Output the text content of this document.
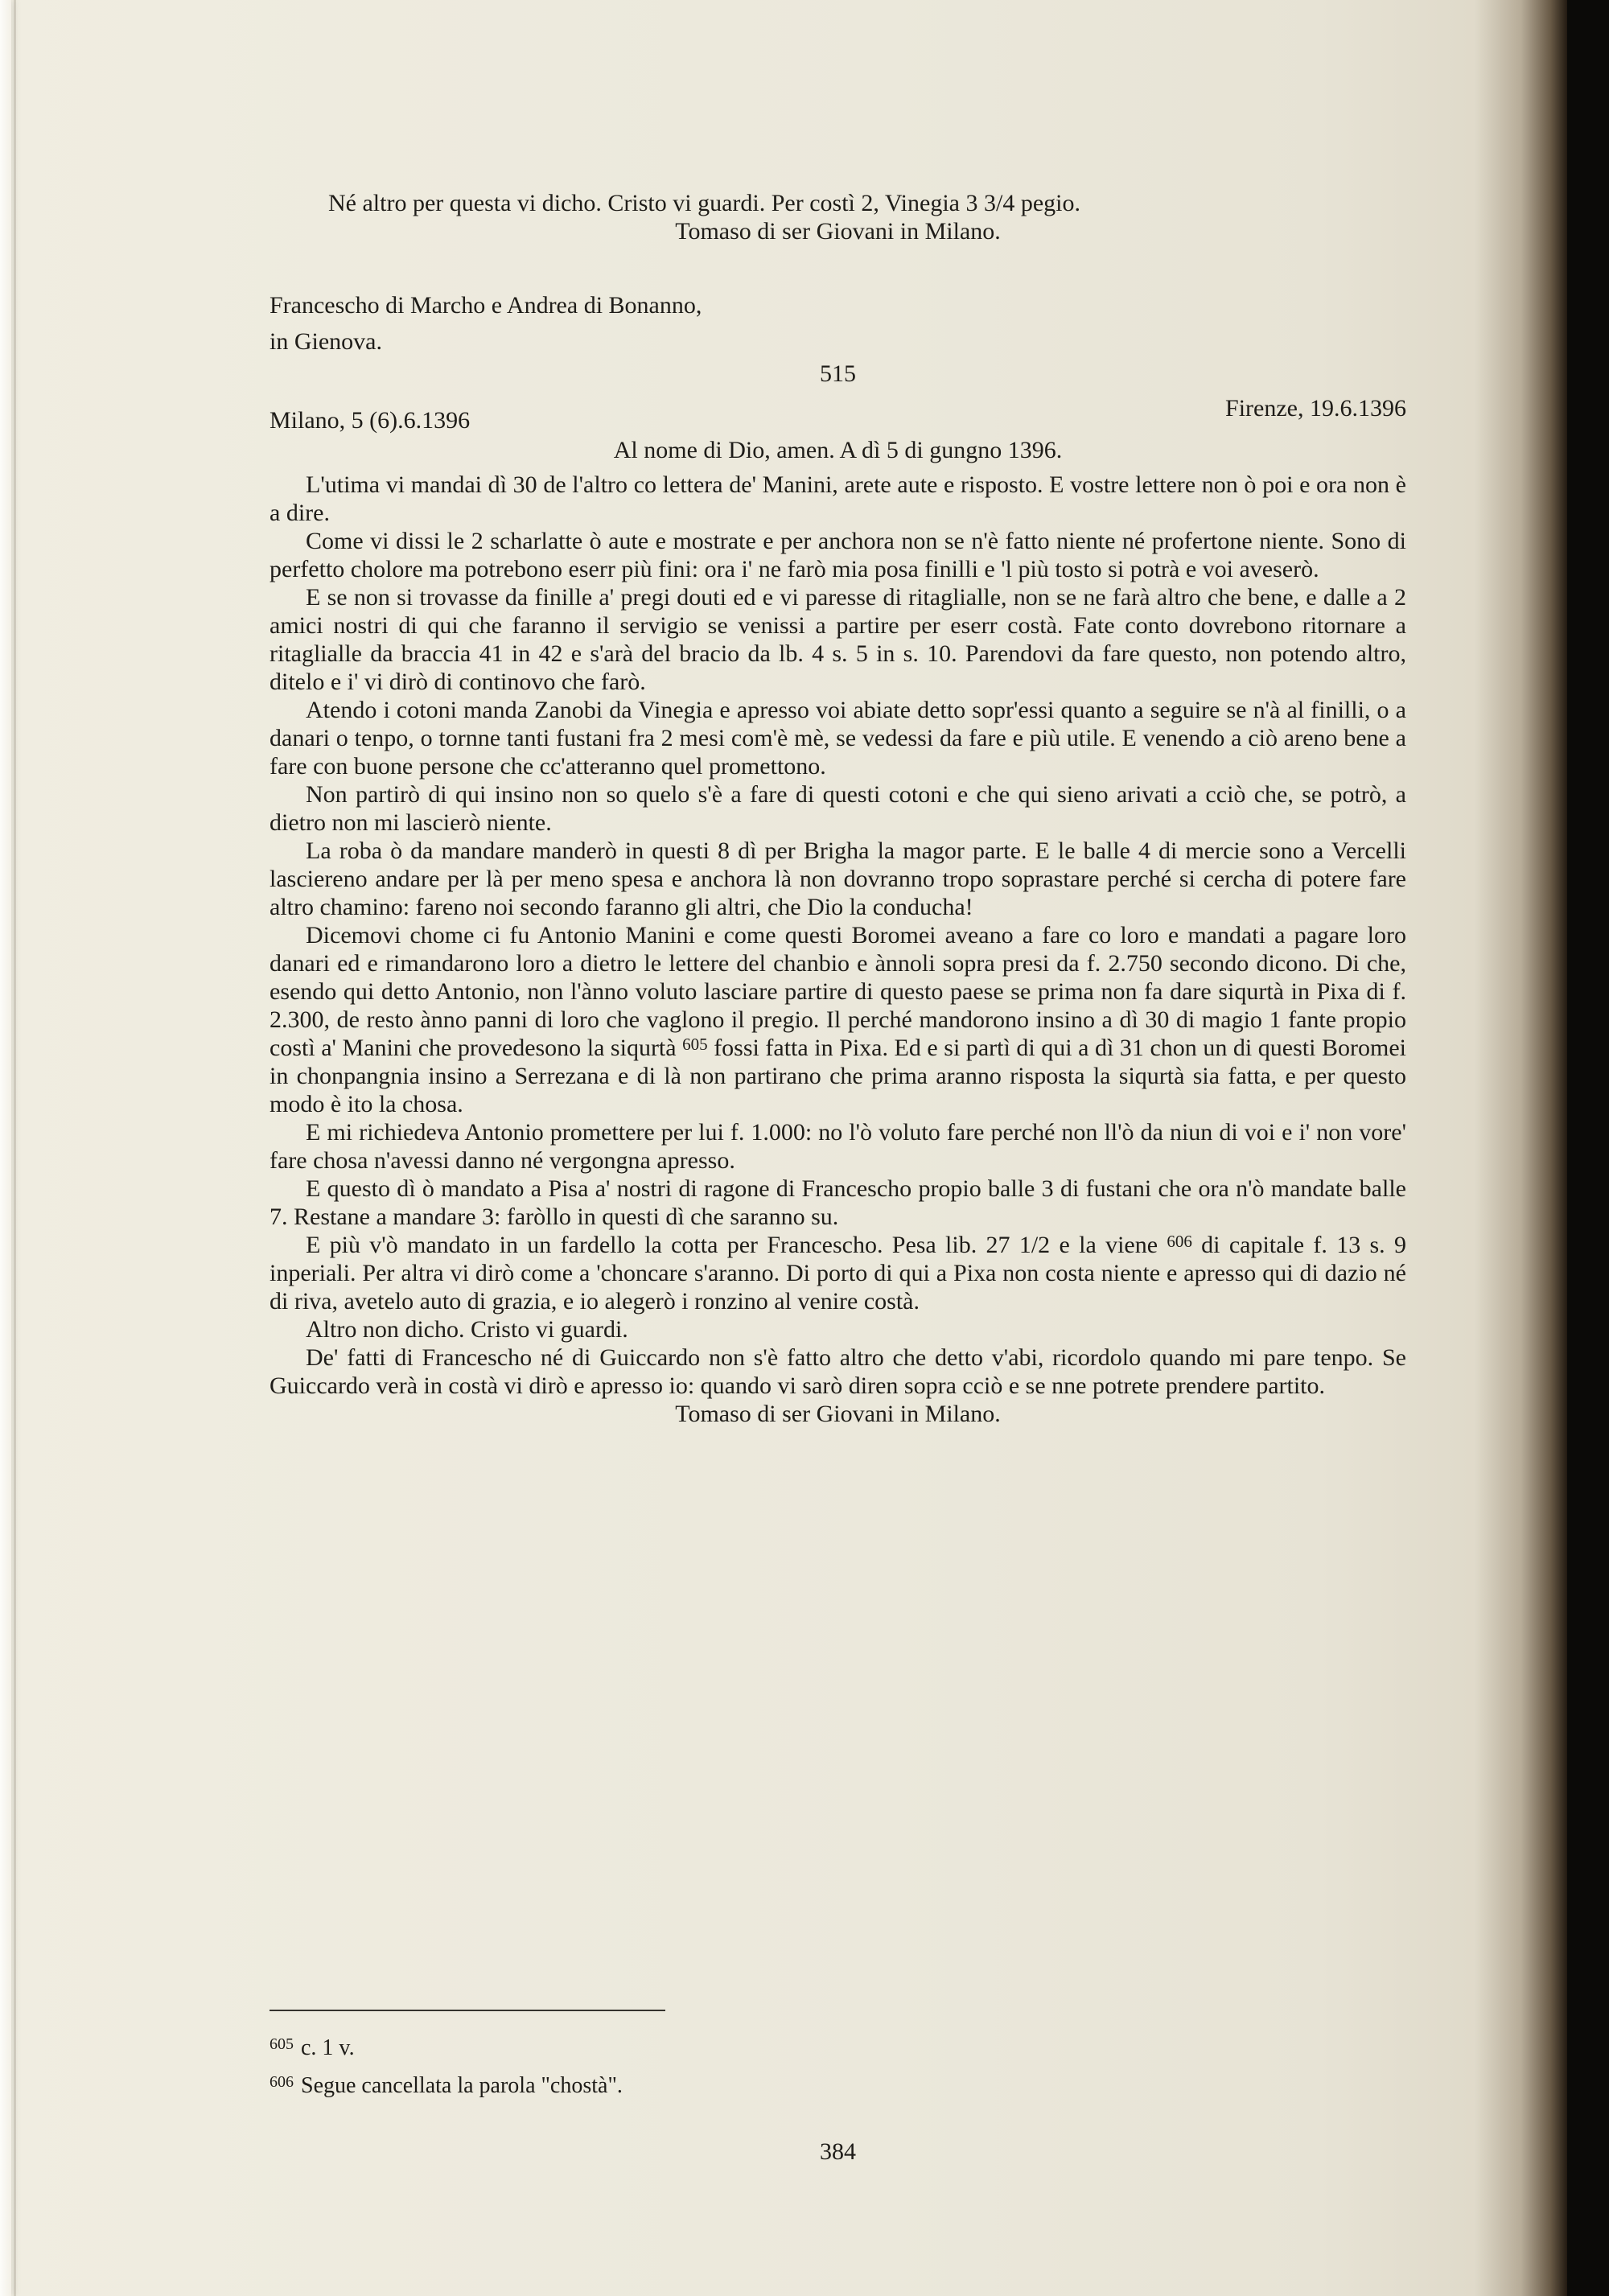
Né altro per questa vi dicho. Cristo vi guardi. Per costì 2, Vinegia 3 3/4 pegio.

Tomaso di ser Giovani in Milano.

Francescho di Marcho e Andrea di Bonanno,

in Gienova.

515

Milano, 5 (6).6.1396	Firenze, 19.6.1396

Al nome di Dio, amen. A dì 5 di gungno 1396.

L'utima vi mandai dì 30 de l'altro co lettera de' Manini, arete aute e risposto. E vostre lettere non ò poi e ora non è a dire.

Come vi dissi le 2 scharlatte ò aute e mostrate e per anchora non se n'è fatto niente né profertone niente. Sono di perfetto cholore ma potrebono eserr più fini: ora i' ne farò mia posa finilli e 'l più tosto si potrà e voi aveserò.

E se non si trovasse da finille a' pregi douti ed e vi paresse di ritaglialle, non se ne farà altro che bene, e dalle a 2 amici nostri di qui che faranno il servigio se venissi a partire per eserr costà. Fate conto dovrebono ritornare a ritaglialle da braccia 41 in 42 e s'arà del bracio da lb. 4 s. 5 in s. 10. Parendovi da fare questo, non potendo altro, ditelo e i' vi dirò di continovo che farò.

Atendo i cotoni manda Zanobi da Vinegia e apresso voi abiate detto sopr'essi quanto a seguire se n'à al finilli, o a danari o tenpo, o tornne tanti fustani fra 2 mesi com'è mè, se vedessi da fare e più utile. E venendo a ciò areno bene a fare con buone persone che cc'atteranno quel promettono.

Non partirò di qui insino non so quelo s'è a fare di questi cotoni e che qui sieno arivati a cciò che, se potrò, a dietro non mi lascierò niente.

La roba ò da mandare manderò in questi 8 dì per Brigha la magor parte. E le balle 4 di mercie sono a Vercelli lasciereno andare per là per meno spesa e anchora là non dovranno tropo soprastare perché si cercha di potere fare altro chamino: fareno noi secondo faranno gli altri, che Dio la conducha!

Dicemovi chome ci fu Antonio Manini e come questi Boromei aveano a fare co loro e mandati a pagare loro danari ed e rimandarono loro a dietro le lettere del chanbio e ànnoli sopra presi da f. 2.750 secondo dicono. Di che, esendo qui detto Antonio, non l'ànno voluto lasciare partire di questo paese se prima non fa dare siqurtà in Pixa di f. 2.300, de resto ànno panni di loro che vaglono il pregio. Il perché mandorono insino a dì 30 di magio 1 fante propio costì a' Manini che provedesono la siqurtà $^{605}$ fossi fatta in Pixa. Ed e si partì di qui a dì 31 chon un di questi Boromei in chonpangnia insino a Serrezana e di là non partirano che prima aranno risposta la siqurtà sia fatta, e per questo modo è ito la chosa.

E mi richiedeva Antonio promettere per lui f. 1.000: no l'ò voluto fare perché non ll'ò da niun di voi e i' non vore' fare chosa n'avessi danno né vergongna apresso.

E questo dì ò mandato a Pisa a' nostri di ragone di Francescho propio balle 3 di fustani che ora n'ò mandate balle 7. Restane a mandare 3: faròllo in questi dì che saranno su.

E più v'ò mandato in un fardello la cotta per Francescho. Pesa lib. 27 1/2 e la viene $^{606}$ di capitale f. 13 s. 9 inperiali. Per altra vi dirò come a 'choncare s'aranno. Di porto di qui a Pixa non costa niente e apresso qui di dazio né di riva, avetelo auto di grazia, e io alegerò i ronzino al venire costà.

Altro non dicho. Cristo vi guardi.

De' fatti di Francescho né di Guiccardo non s'è fatto altro che detto v'abi, ricordolo quando mi pare tenpo. Se Guiccardo verà in costà vi dirò e apresso io: quando vi sarò diren sopra cciò e se nne potrete prendere partito.

Tomaso di ser Giovani in Milano.

$^{605}$ c. 1 v.
$^{606}$ Segue cancellata la parola "chostà".

384
